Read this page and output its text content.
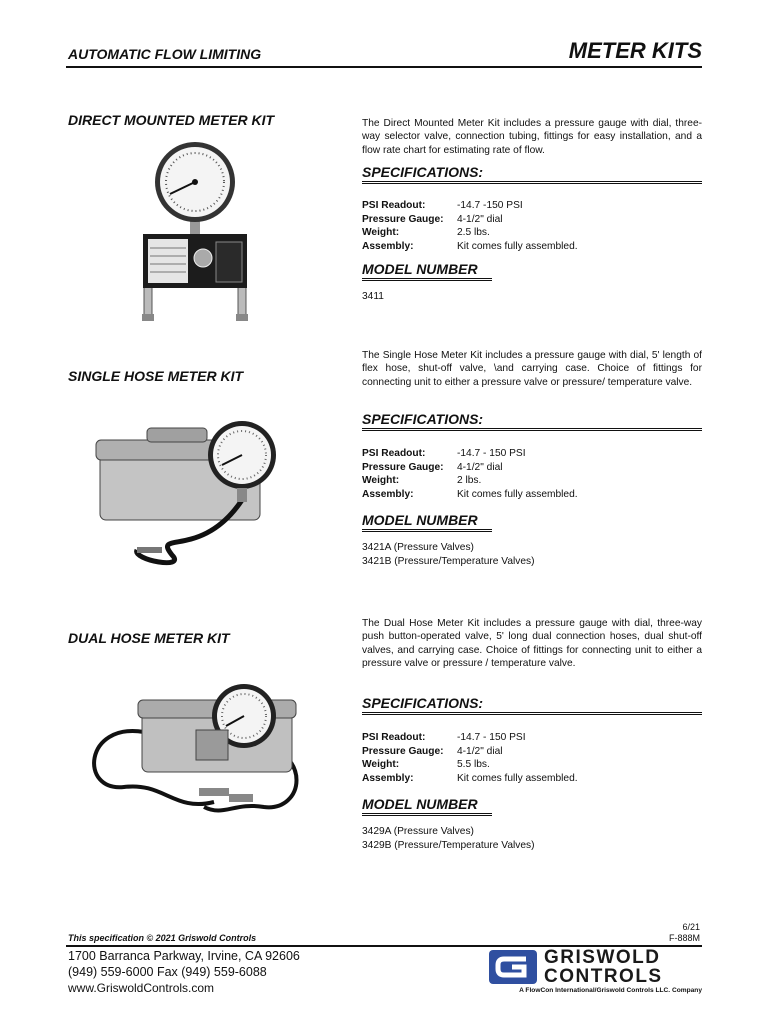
AUTOMATIC FLOW LIMITING	METER KITS
DIRECT MOUNTED METER KIT	The Direct Mounted Meter Kit includes a pressure gauge with dial, three-way selector valve, connection tubing, fittings for easy installation, and a flow rate chart for estimating rate of flow.
SPECIFICATIONS:
PSI Readout:	-14.7 -150 PSI
Pressure Gauge:	4-1/2" dial
Weight:	2.5 lbs.
Assembly:	Kit comes fully assembled.
MODEL NUMBER
3411
SINGLE HOSE METER KIT
The Single Hose Meter Kit includes a pressure gauge with dial, 5' length of flex hose, shut-off valve, \and carrying case. Choice of fittings for connecting unit to either a pressure valve or pressure/ temperature valve.
SPECIFICATIONS:
PSI Readout:	-14.7 - 150 PSI
Pressure Gauge:	4-1/2" dial
Weight:	2 lbs.
Assembly:	Kit comes fully assembled.
MODEL NUMBER
3421A (Pressure Valves)
3421B (Pressure/Temperature Valves)
DUAL HOSE METER KIT
The Dual Hose Meter Kit includes a pressure gauge with dial, three-way push button-operated valve, 5' long dual connection hoses, dual shut-off valves, and carrying case. Choice of fittings for connecting unit to either a pressure valve or pressure / temperature valve.
SPECIFICATIONS:
PSI Readout:	-14.7 - 150 PSI
Pressure Gauge:	4-1/2" dial
Weight:	5.5 lbs.
Assembly:	Kit comes fully assembled.
MODEL NUMBER
3429A (Pressure Valves)
3429B (Pressure/Temperature Valves)
This specification © 2021 Griswold Controls
6/21
F-888M
1700 Barranca Parkway, Irvine, CA 92606
(949) 559-6000 Fax (949) 559-6088
www.GriswoldControls.com
GRISWOLD
CONTROLS
A FlowCon International/Griswold Controls LLC. Company
